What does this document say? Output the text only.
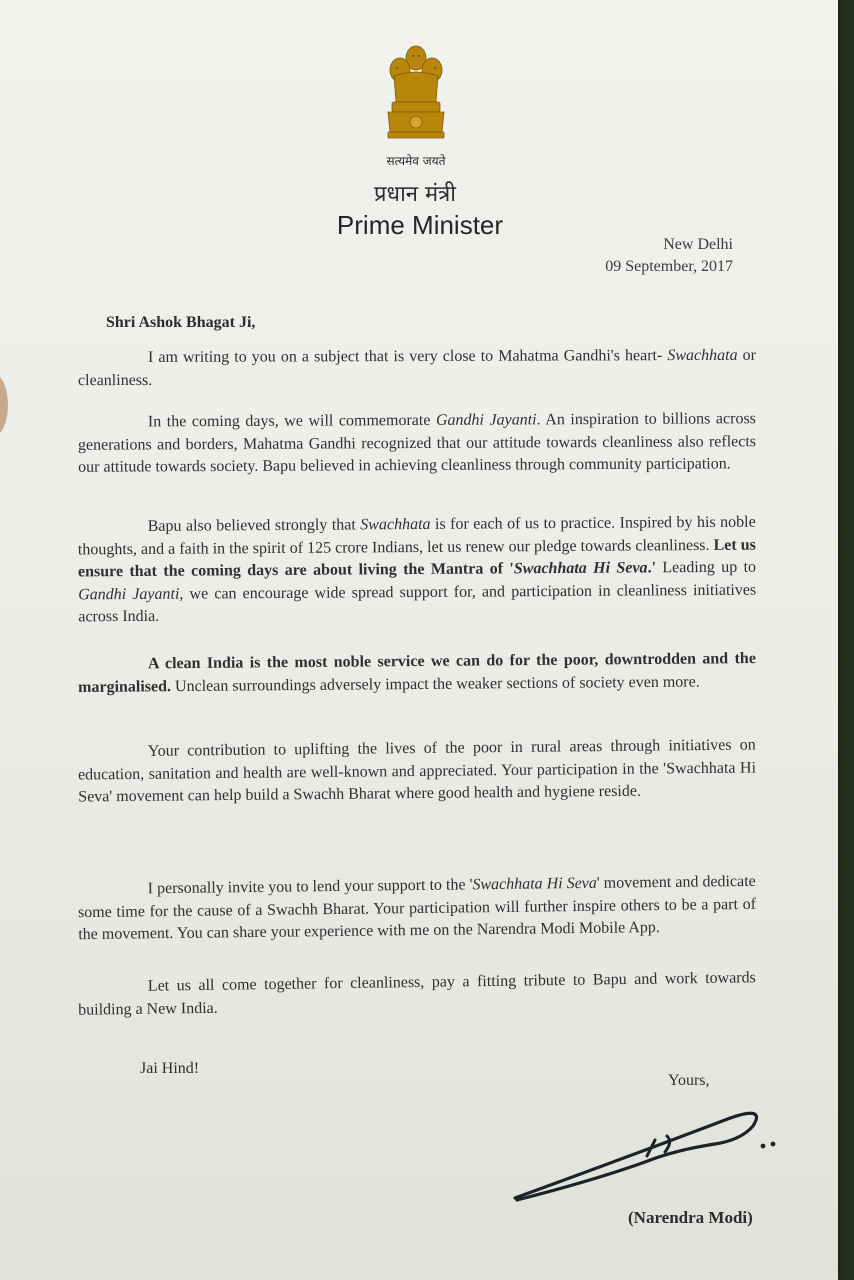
सत्यमेव जयते
प्रधान मंत्री
Prime Minister
New Delhi
09 September, 2017
Shri Ashok Bhagat Ji,
I am writing to you on a subject that is very close to Mahatma Gandhi's heart- Swachhata or cleanliness.
In the coming days, we will commemorate Gandhi Jayanti. An inspiration to billions across generations and borders, Mahatma Gandhi recognized that our attitude towards cleanliness also reflects our attitude towards society. Bapu believed in achieving cleanliness through community participation.
Bapu also believed strongly that Swachhata is for each of us to practice. Inspired by his noble thoughts, and a faith in the spirit of 125 crore Indians, let us renew our pledge towards cleanliness. Let us ensure that the coming days are about living the Mantra of 'Swachhata Hi Seva.' Leading up to Gandhi Jayanti, we can encourage wide spread support for, and participation in cleanliness initiatives across India.
A clean India is the most noble service we can do for the poor, downtrodden and the marginalised. Unclean surroundings adversely impact the weaker sections of society even more.
Your contribution to uplifting the lives of the poor in rural areas through initiatives on education, sanitation and health are well-known and appreciated. Your participation in the 'Swachhata Hi Seva' movement can help build a Swachh Bharat where good health and hygiene reside.
I personally invite you to lend your support to the 'Swachhata Hi Seva' movement and dedicate some time for the cause of a Swachh Bharat. Your participation will further inspire others to be a part of the movement. You can share your experience with me on the Narendra Modi Mobile App.
Let us all come together for cleanliness, pay a fitting tribute to Bapu and work towards building a New India.
Jai Hind!
Yours,
(Narendra Modi)
